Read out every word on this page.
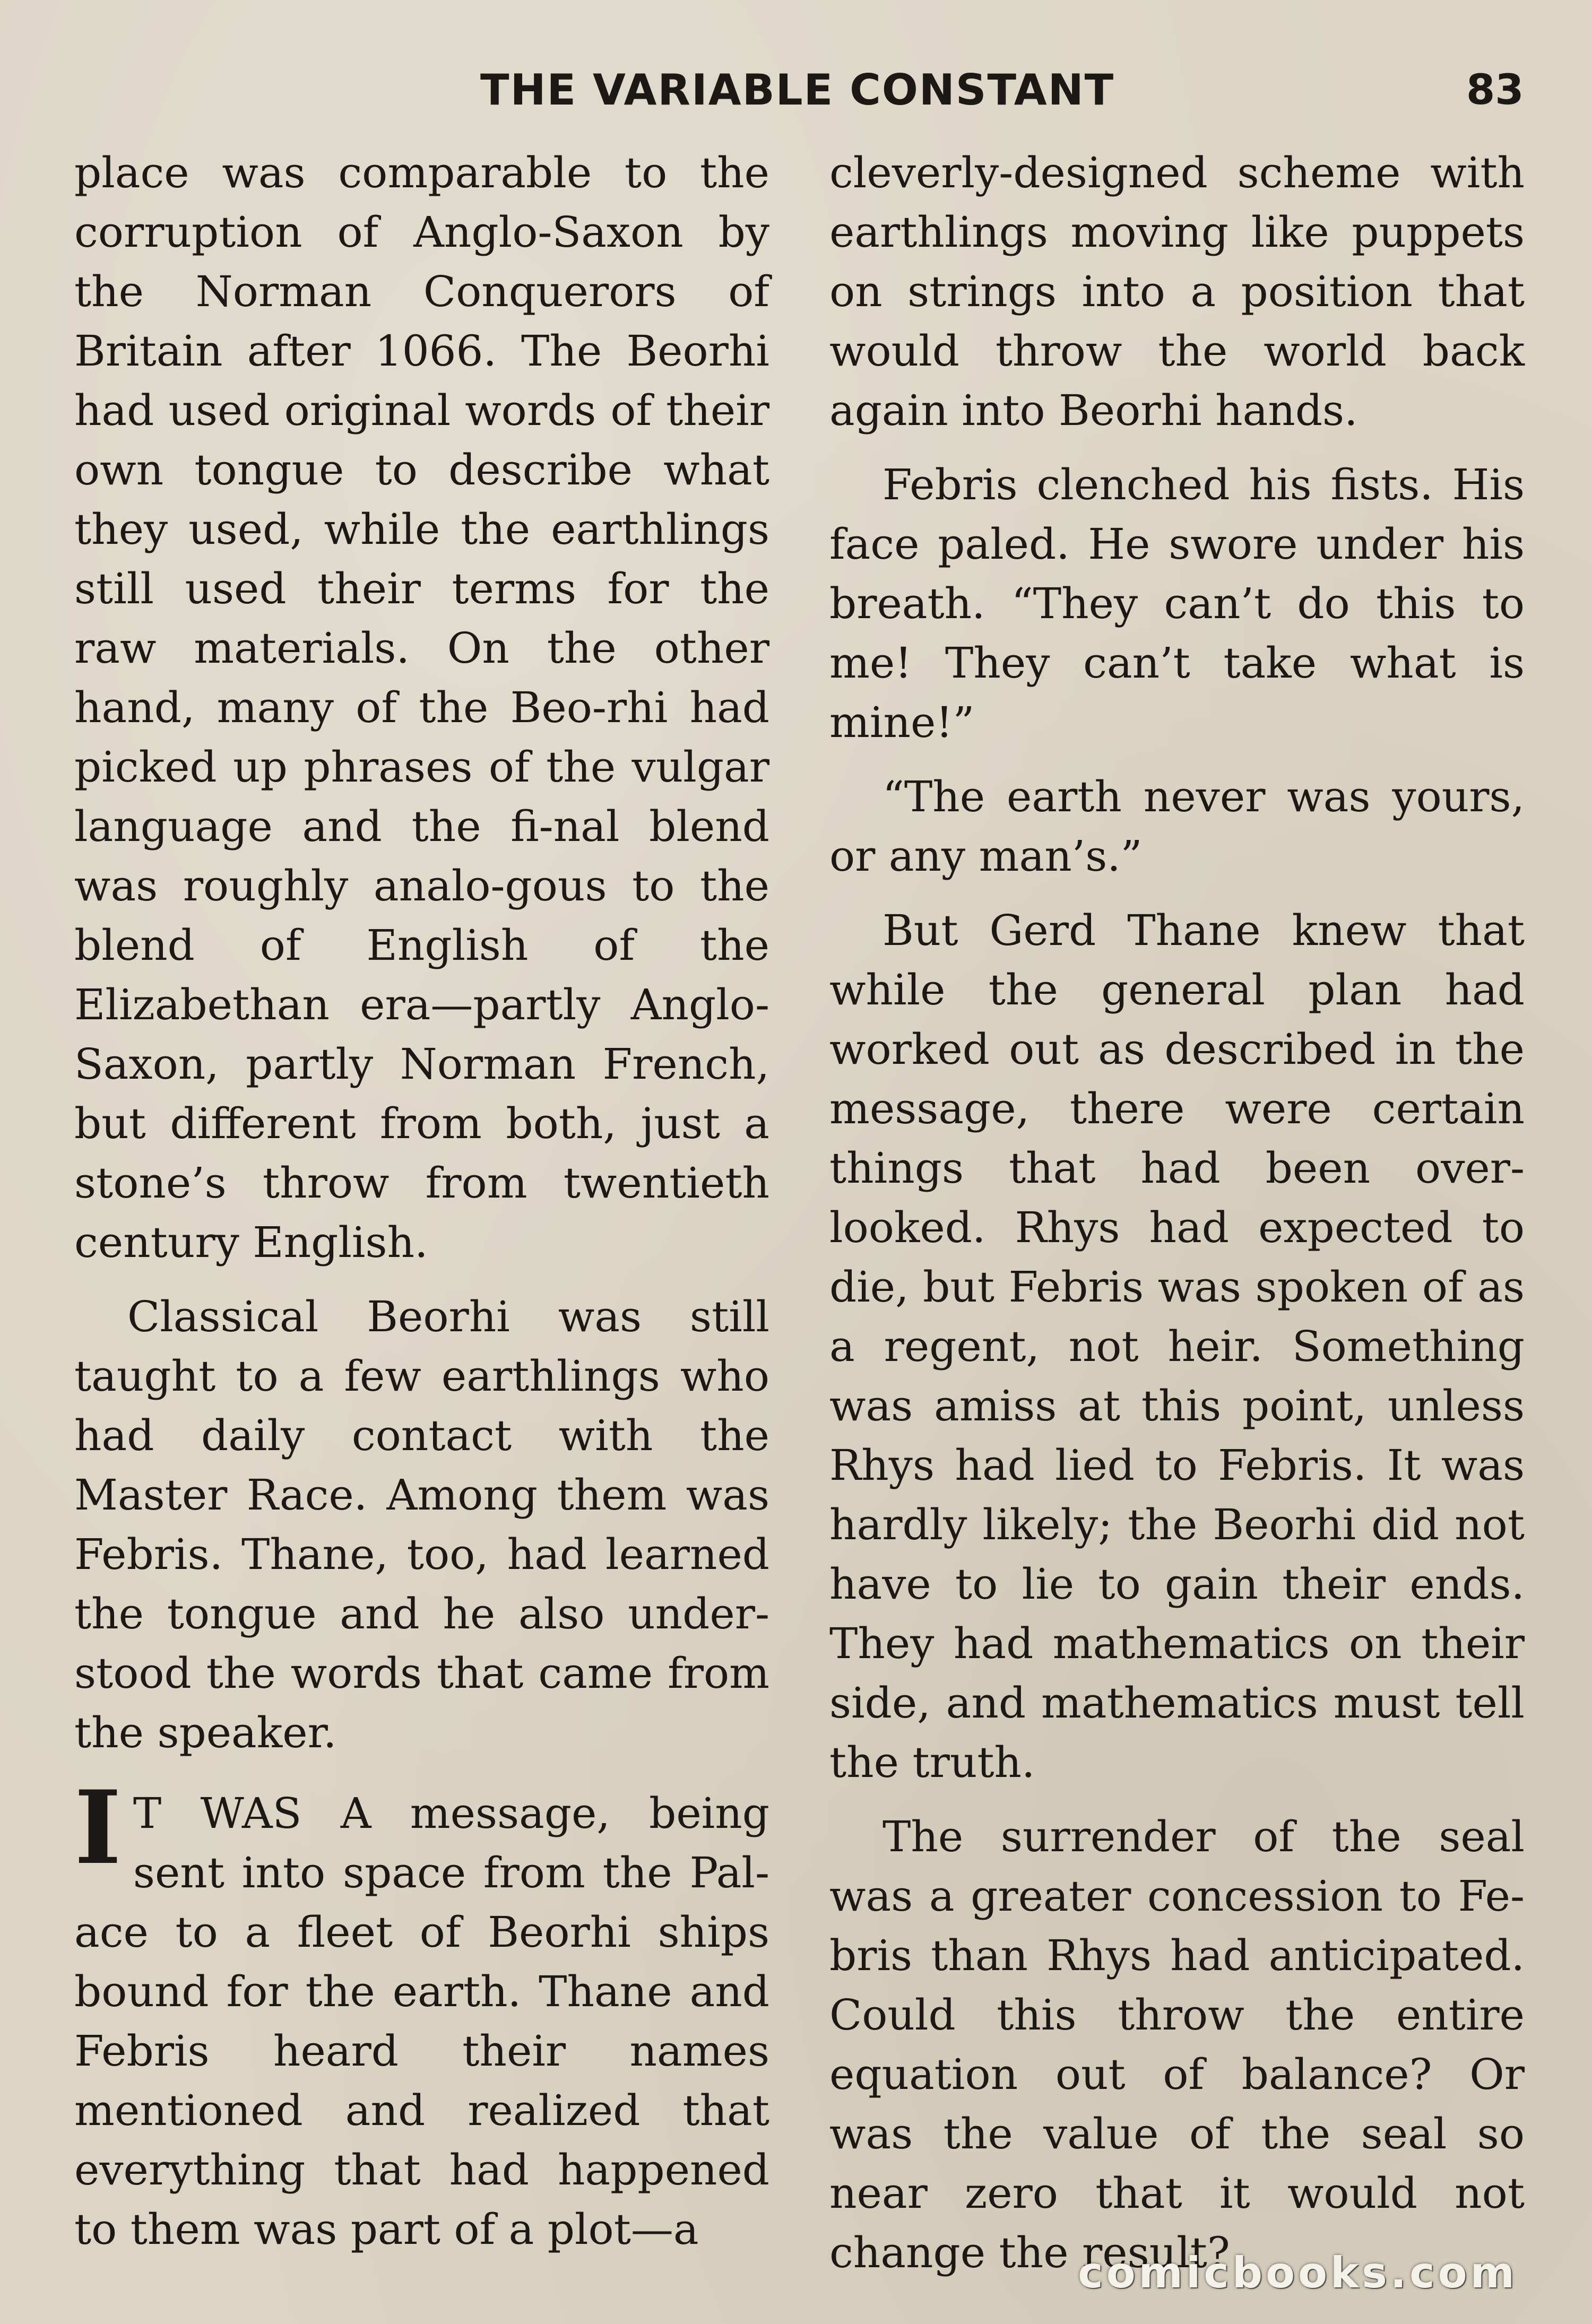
THE VARIABLE CONSTANT	83

place was comparable to the corruption of Anglo-Saxon by the Norman Conquerors of Britain after 1066. The Beorhi had used original words of their own tongue to describe what they used, while the earthlings still used their terms for the raw materials. On the other hand, many of the Beo-rhi had picked up phrases of the vulgar language and the fi-nal blend was roughly analo-gous to the blend of English of the Elizabethan era—partly Anglo-Saxon, partly Norman French, but different from both, just a stone’s throw from twentieth century English.

Classical Beorhi was still taught to a few earthlings who had daily contact with the Master Race. Among them was Febris. Thane, too, had learned the tongue and he also under-stood the words that came from the speaker.

I T WAS A message, being sent into space from the Pal-ace to a fleet of Beorhi ships bound for the earth. Thane and Febris heard their names mentioned and realized that everything that had happened to them was part of a plot—a

cleverly-designed scheme with earthlings moving like puppets on strings into a position that would throw the world back again into Beorhi hands.

Febris clenched his fists. His face paled. He swore under his breath. “They can’t do this to me! They can’t take what is mine!”

“The earth never was yours, or any man’s.”

But Gerd Thane knew that while the general plan had worked out as described in the message, there were certain things that had been over-looked. Rhys had expected to die, but Febris was spoken of as a regent, not heir. Something was amiss at this point, unless Rhys had lied to Febris. It was hardly likely; the Beorhi did not have to lie to gain their ends. They had mathematics on their side, and mathematics must tell the truth.

The surrender of the seal was a greater concession to Fe-bris than Rhys had anticipated. Could this throw the entire equation out of balance? Or was the value of the seal so near zero that it would not change the result?

comicbooks.com
